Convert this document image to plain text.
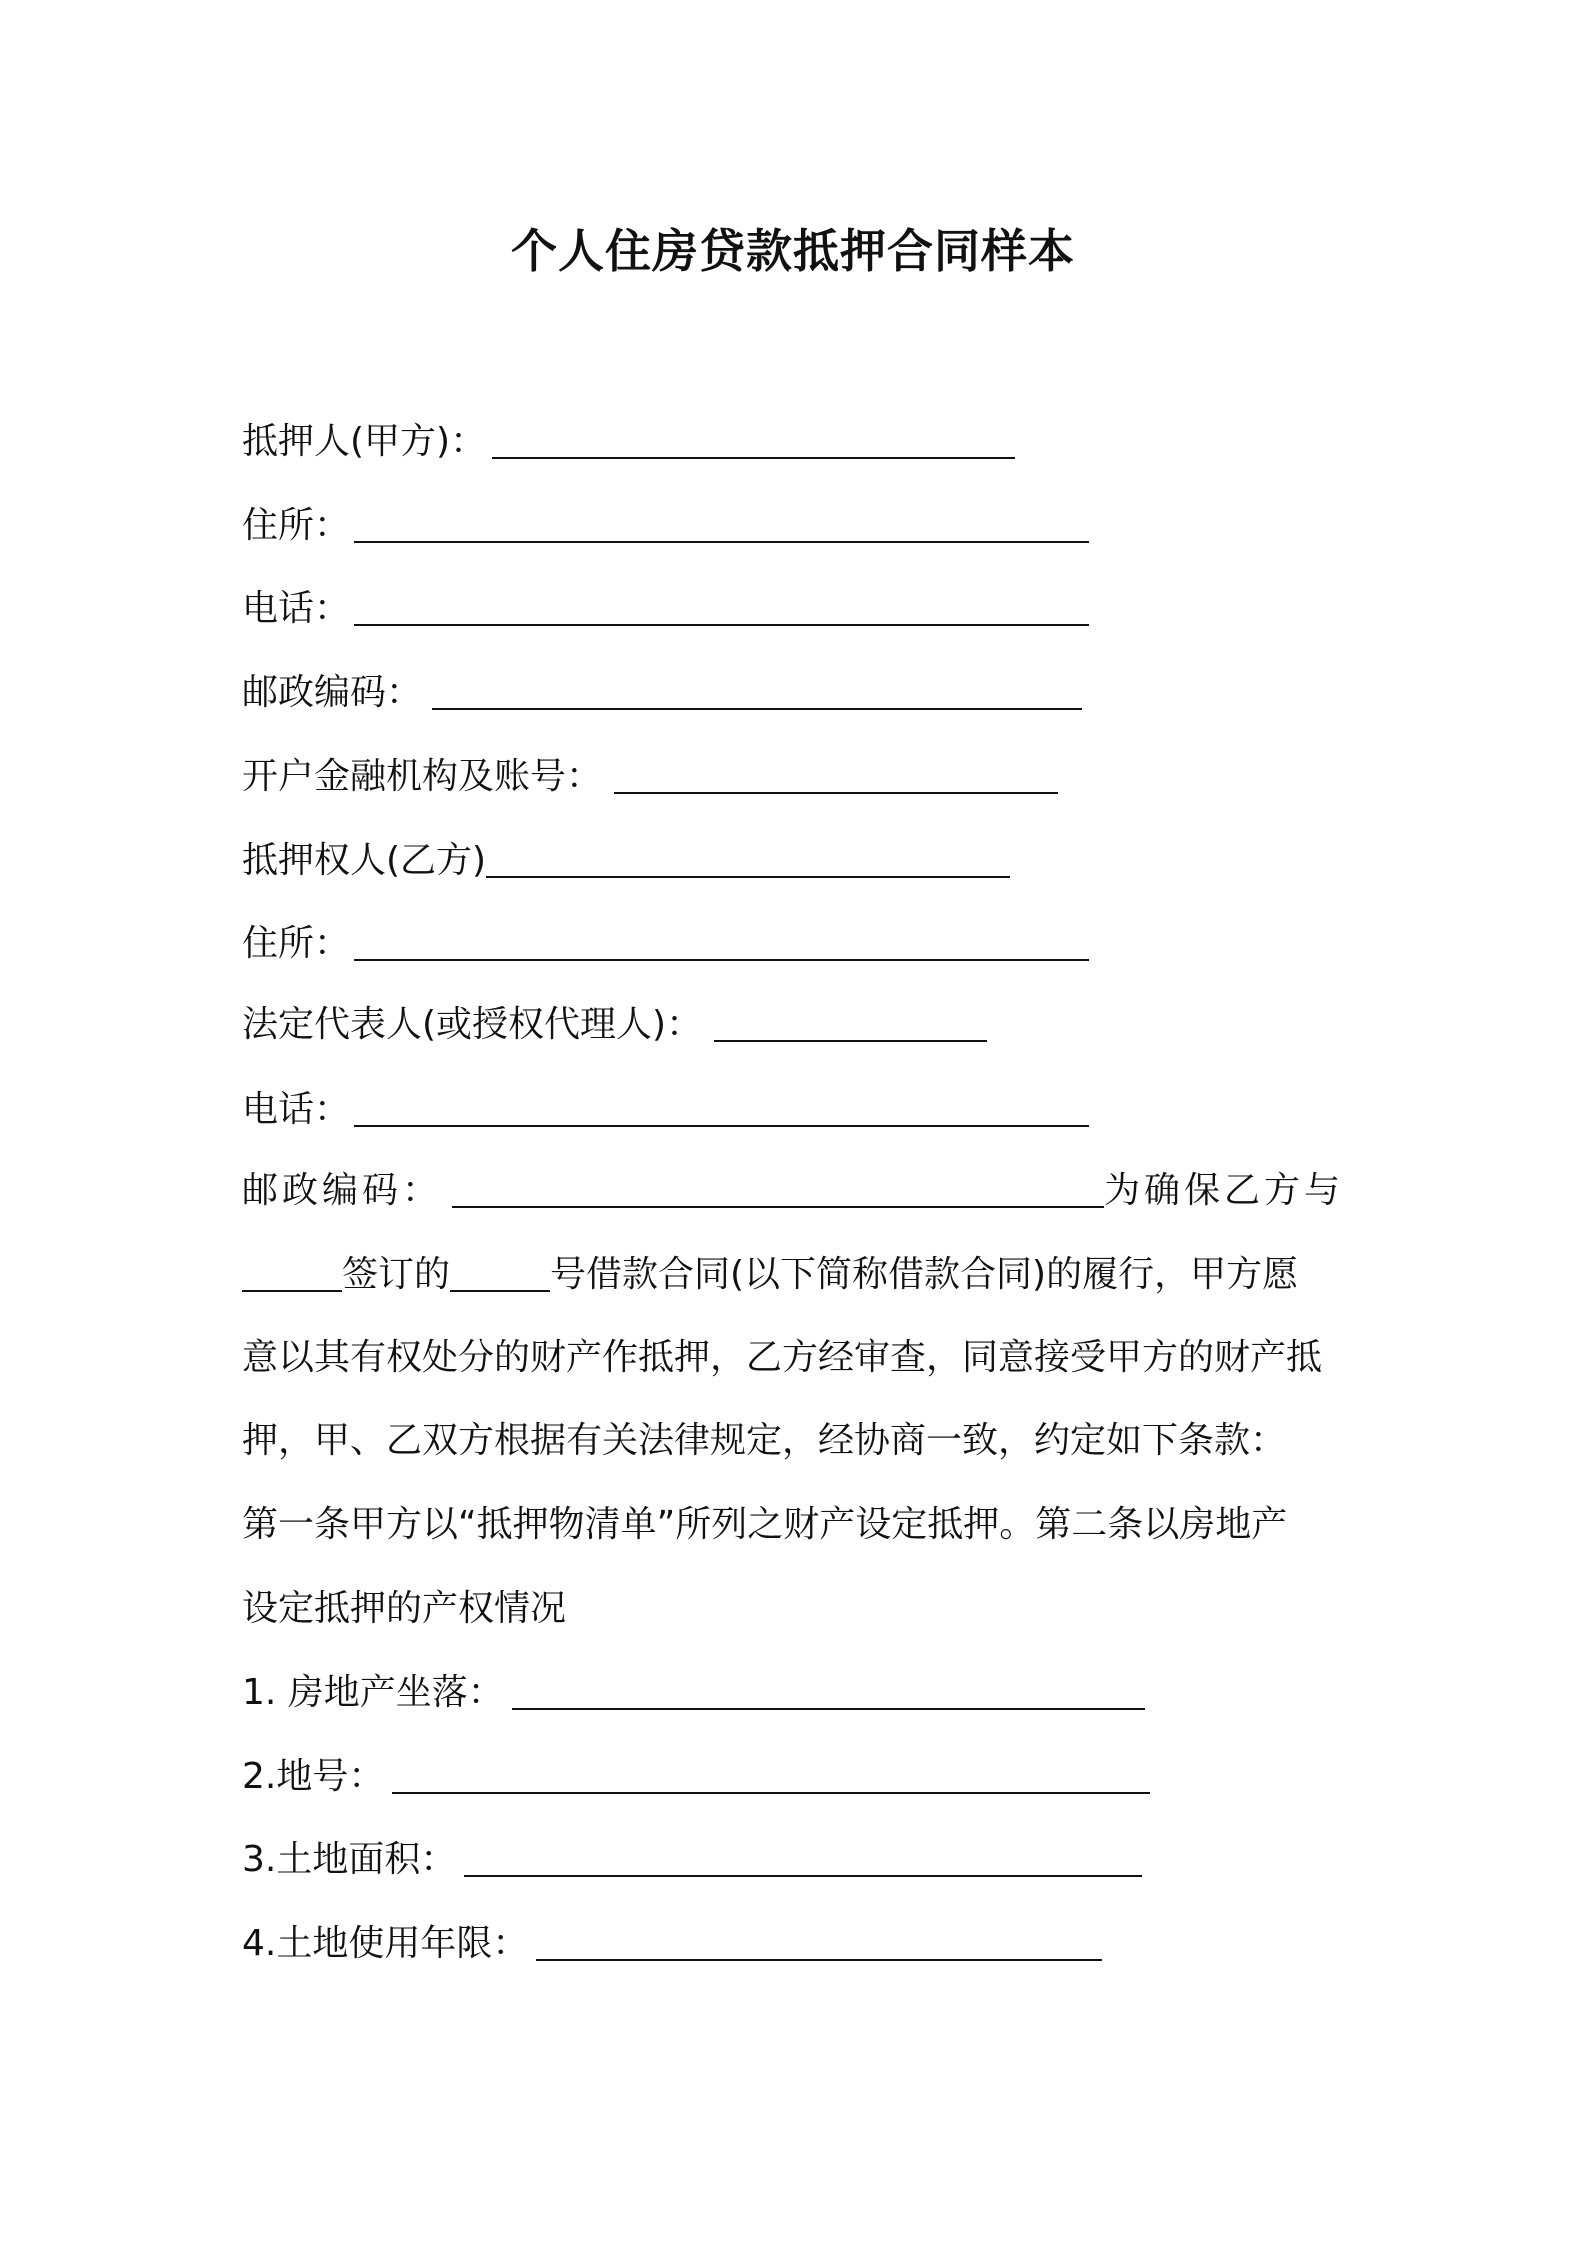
个人住房贷款抵押合同样本
抵押人(甲方)：
住所：
电话：
邮政编码：
开户金融机构及账号：
抵押权人(乙方)
住所：
法定代表人(或授权代理人)：
电话：
邮政编码：	为确保乙方与
签订的	号借款合同(以下简称借款合同)的履行，甲方愿
意以其有权处分的财产作抵押，乙方经审查，同意接受甲方的财产抵
押，甲、乙双方根据有关法律规定，经协商一致，约定如下条款：
第一条甲方以“抵押物清单”所列之财产设定抵押。第二条以房地产
设定抵押的产权情况
1. 房地产坐落：
2.地号：
3.土地面积：
4.土地使用年限：
